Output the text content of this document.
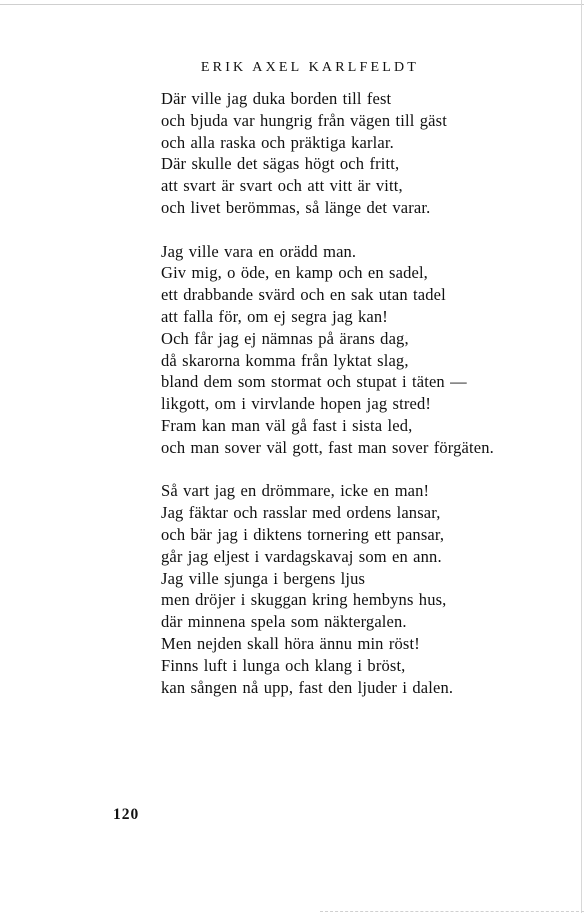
ERIK AXEL KARLFELDT
Där ville jag duka borden till fest
och bjuda var hungrig från vägen till gäst
och alla raska och präktiga karlar.
Där skulle det sägas högt och fritt,
att svart är svart och att vitt är vitt,
och livet berömmas, så länge det varar.
Jag ville vara en orädd man.
Giv mig, o öde, en kamp och en sadel,
ett drabbande svärd och en sak utan tadel
att falla för, om ej segra jag kan!
Och får jag ej nämnas på ärans dag,
då skarorna komma från lyktat slag,
bland dem som stormat och stupat i täten —
likgott, om i virvlande hopen jag stred!
Fram kan man väl gå fast i sista led,
och man sover väl gott, fast man sover förgäten.
Så vart jag en drömmare, icke en man!
Jag fäktar och rasslar med ordens lansar,
och bär jag i diktens tornering ett pansar,
går jag eljest i vardagskavaj som en ann.
Jag ville sjunga i bergens ljus
men dröjer i skuggan kring hembyns hus,
där minnena spela som näktergalen.
Men nejden skall höra ännu min röst!
Finns luft i lunga och klang i bröst,
kan sången nå upp, fast den ljuder i dalen.
120
